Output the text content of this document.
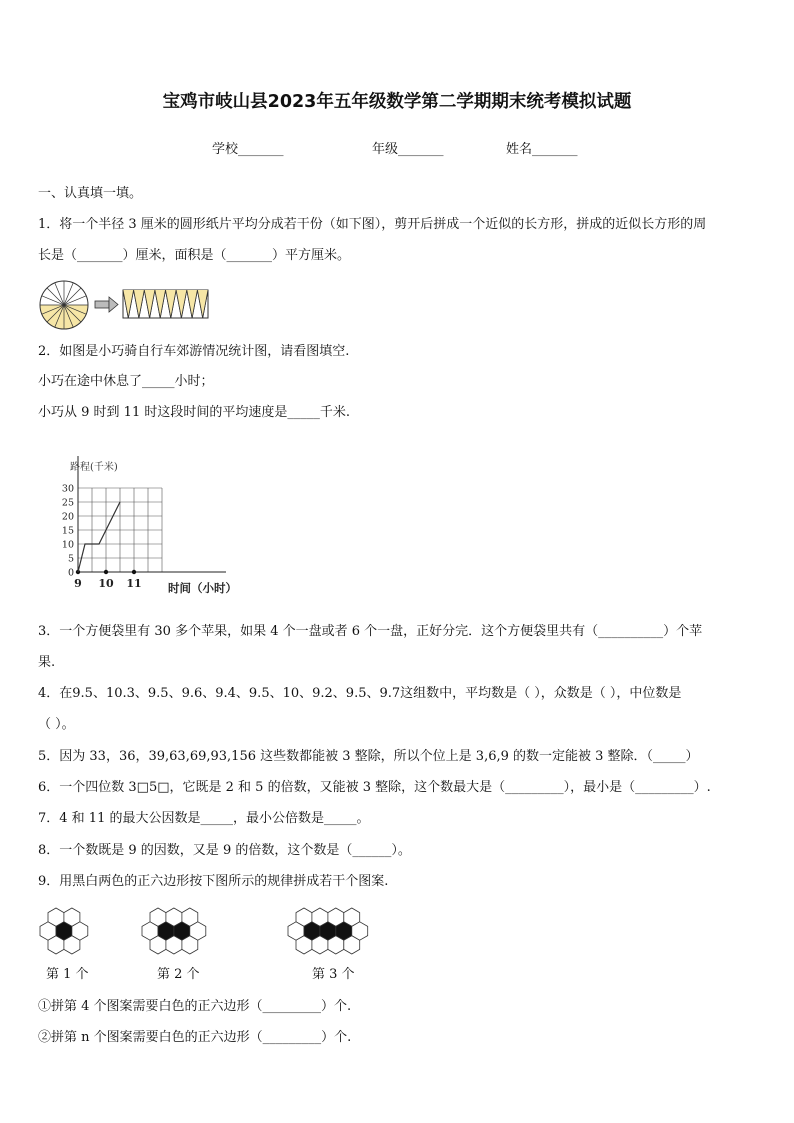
宝鸡市岐山县2023年五年级数学第二学期期末统考模拟试题
学校_______	年级_______	姓名_______
一、认真填一填。
1．将一个半径 3 厘米的圆形纸片平均分成若干份（如下图），剪开后拼成一个近似的长方形，拼成的近似长方形的周
长是（_______）厘米，面积是（_______）平方厘米。
2．如图是小巧骑自行车郊游情况统计图，请看图填空.
小巧在途中休息了_____小时；
小巧从 9 时到 11 时这段时间的平均速度是_____千米.
0
5
10
15
20
25
30
9 10 11
路程(千米)
时间（小时）
3．一个方便袋里有 30 多个苹果，如果 4 个一盘或者 6 个一盘，正好分完．这个方便袋里共有（__________）个苹
果.
4．在9.5、10.3、9.5、9.6、9.4、9.5、10、9.2、9.5、9.7这组数中，平均数是（ ），众数是（ ），中位数是
（ ）。
5．因为 33，36，39,63,69,93,156 这些数都能被 3 整除，所以个位上是 3,6,9 的数一定能被 3 整除．（_____）
6．一个四位数 3□5□，它既是 2 和 5 的倍数，又能被 3 整除，这个数最大是（_________），最小是（_________）.
7．4 和 11 的最大公因数是_____，最小公倍数是_____。
8．一个数既是 9 的因数，又是 9 的倍数，这个数是（______）。
9．用黑白两色的正六边形按下图所示的规律拼成若干个图案.
第 1 个	第 2 个	第 3 个
①拼第 4 个图案需要白色的正六边形（_________）个.
②拼第 n 个图案需要白色的正六边形（_________）个.
